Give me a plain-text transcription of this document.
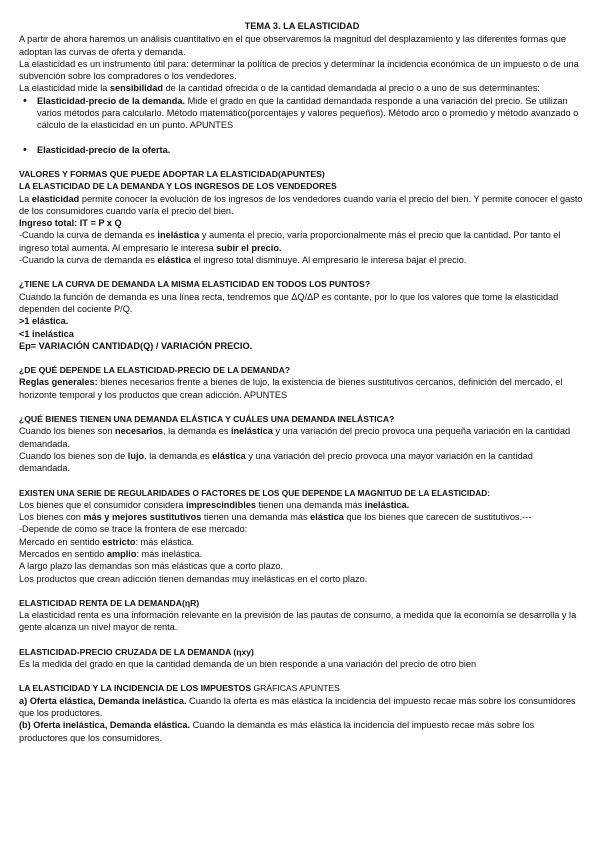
TEMA 3. LA ELASTICIDAD

A partir de ahora haremos un análisis cuantitativo en el que observaremos la magnitud del desplazamiento y las diferentes formas que adoptan las curvas de oferta y demanda.

La elasticidad es un instrumento útil para: determinar la política de precios y determinar la incidencia económica de un impuesto o de una subvención sobre los compradores o los vendedores.

La elasticidad mide la sensibilidad de la cantidad ofrecida o de la cantidad demandada al precio o a uno de sus determinantes:

• Elasticidad-precio de la demanda. Mide el grado en que la cantidad demandada responde a una variación del precio. Se utilizan varios métodos para calcularlo. Método matemático(porcentajes y valores pequeños). Método arco o promedio y método avanzado o cálculo de la elasticidad en un punto. APUNTES
• Elasticidad-precio de la oferta.

VALORES Y FORMAS QUE PUEDE ADOPTAR LA ELASTICIDAD(APUNTES)

LA ELASTICIDAD DE LA DEMANDA Y LOS INGRESOS DE LOS VENDEDORES

La elasticidad permite conocer la evolución de los ingresos de los vendedores cuando varía el precio del bien. Y permite conocer el gasto de los consumidores cuando varía el precio del bien.

Ingreso total: IT = P x Q

-Cuando la curva de demanda es inelástica y aumenta el precio, varía proporcionalmente más el precio que la cantidad. Por tanto el ingreso total aumenta. Al empresario le interesa subir el precio.

-Cuando la curva de demanda es elástica el ingreso total disminuye. Al empresario le interesa bajar el precio.

¿TIENE LA CURVA DE DEMANDA LA MISMA ELASTICIDAD EN TODOS LOS PUNTOS?

Cuando la función de demanda es una línea recta, tendremos que ΔQ/ΔP es contante, por lo que los valores que tome la elasticidad dependen del cociente P/Q.

>1 elástica.

<1 inelástica

Ep= VARIACIÓN CANTIDAD(Q) / VARIACIÓN PRECIO.

¿DE QUÉ DEPENDE LA ELASTICIDAD-PRECIO DE LA DEMANDA?

Reglas generales: bienes necesarios frente a bienes de lujo, la existencia de bienes sustitutivos cercanos, definición del mercado, el horizonte temporal y los productos que crean adicción. APUNTES

¿QUÉ BIENES TIENEN UNA DEMANDA ELÁSTICA Y CUÁLES UNA DEMANDA INELÁSTICA?

Cuando los bienes son necesarios, la demanda es inelástica y una variación del precio provoca una pequeña variación en la cantidad demandada.

Cuando los bienes son de lujo, la demanda es elástica y una variación del precio provoca una mayor variación en la cantidad demandada.

EXISTEN UNA SERIE DE REGULARIDADES O FACTORES DE LOS QUE DEPENDE LA MAGNITUD DE LA ELASTICIDAD:

Los bienes que el consumidor considera imprescindibles tienen una demanda más inelástica.

Los bienes con más y mejores sustitutivos tienen una demanda más elástica que los bienes que carecen de sustitutivos.---

-Depende de como se trace la frontera de ese mercado:

Mercado en sentido estricto: más elástica.

Mercados en sentido amplio: más inelástica.

A largo plazo las demandas son más elásticas que a corto plazo.

Los productos que crean adicción tienen demandas muy inelásticas en el corto plazo.

ELASTICIDAD RENTA DE LA DEMANDA(ηR)

La elasticidad renta es una información relevante en la previsión de las pautas de consumo, a medida que la economía se desarrolla y la gente alcanza un nivel mayor de renta.

ELASTICIDAD-PRECIO CRUZADA DE LA DEMANDA (ηxy)

Es la medida del grado en que la cantidad demanda de un bien responde a una variación del precio de otro bien

LA ELASTICIDAD Y LA INCIDENCIA DE LOS IMPUESTOS GRÁFICAS APUNTES

a) Oferta elástica, Demanda inelástica. Cuando la oferta es más elástica la incidencia del impuesto recae más sobre los consumidores que los productores.

(b) Oferta inelástica, Demanda elástica. Cuando la demanda es más elástica la incidencia del impuesto recae más sobre los productores que los consumidores.
